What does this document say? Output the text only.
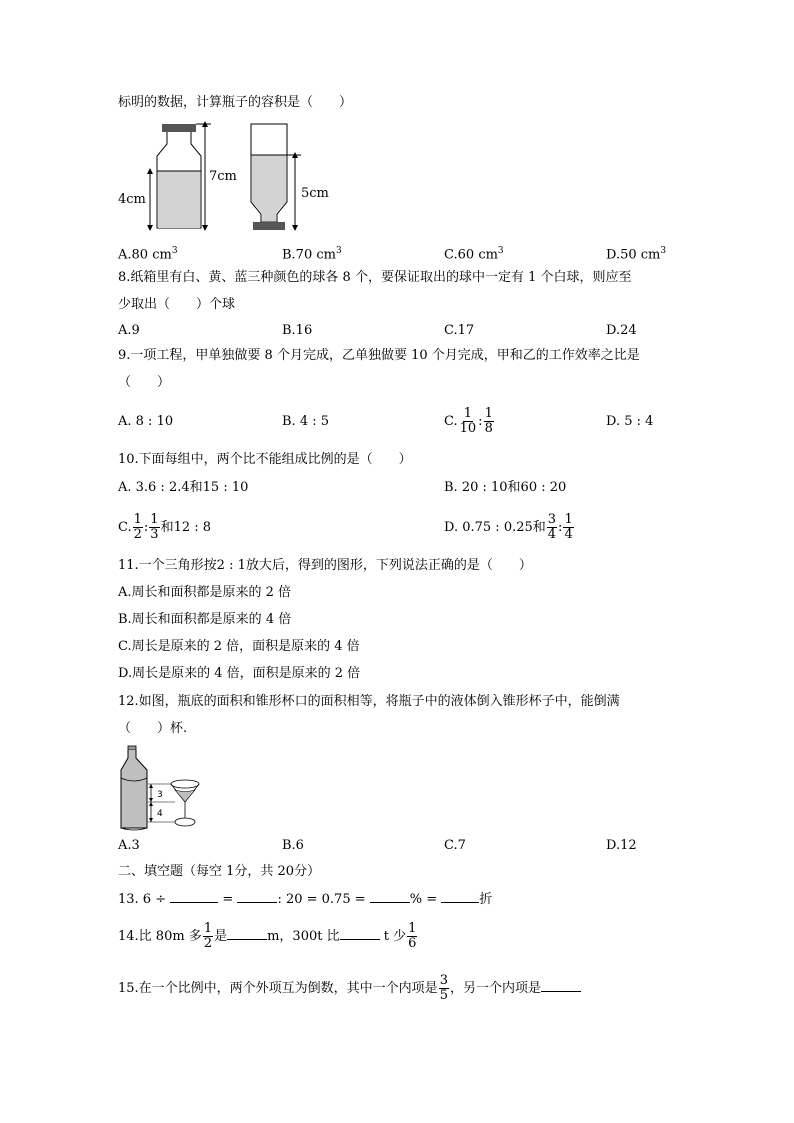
标明的数据，计算瓶子的容积是（　　）
4cm
7cm
5cm
A.80 $cm^3$	B.70 $cm^3$	C.60 $cm^3$	D.50 $cm^3$
8.纸箱里有白、黄、蓝三种颜色的球各 8 个，要保证取出的球中一定有 1 个白球，则应至
少取出（　　）个球
A.9	B.16	C.17	D.24
9.一项工程，甲单独做要 8 个月完成，乙单独做要 10 个月完成，甲和乙的工作效率之比是
（　　）
A. 8 : 10	B. 4 : 5	C. $\frac{1}{10}$ : $\frac{1}{8}$	D. 5 : 4
10.下面每组中，两个比不能组成比例的是（　　）
A. 3.6 : 2.4和15 : 10	B. 20 : 10和60 : 20
C. $\frac{1}{2}$ : $\frac{1}{3}$ 和12 : 8	D. 0.75 : 0.25和 $\frac{3}{4}$ : $\frac{1}{4}$
11.一个三角形按2 : 1放大后，得到的图形，下列说法正确的是（　　）
A.周长和面积都是原来的 2 倍
B.周长和面积都是原来的 4 倍
C.周长是原来的 2 倍，面积是原来的 4 倍
D.周长是原来的 4 倍，面积是原来的 2 倍
12.如图，瓶底的面积和锥形杯口的面积相等，将瓶子中的液体倒入锥形杯子中，能倒满
（　　）杯.
3
4
A.3	B.6	C.7	D.12
二、填空题（每空 1分，共 20分）
13. 6 ÷	=	: 20 = 0.75 =	% =	折
14.比 80m 多 $\frac{1}{2}$ 是	m，300t 比	t 少 $\frac{1}{6}$
15.在一个比例中，两个外项互为倒数，其中一个内项是 $\frac{3}{5}$ ，另一个内项是
